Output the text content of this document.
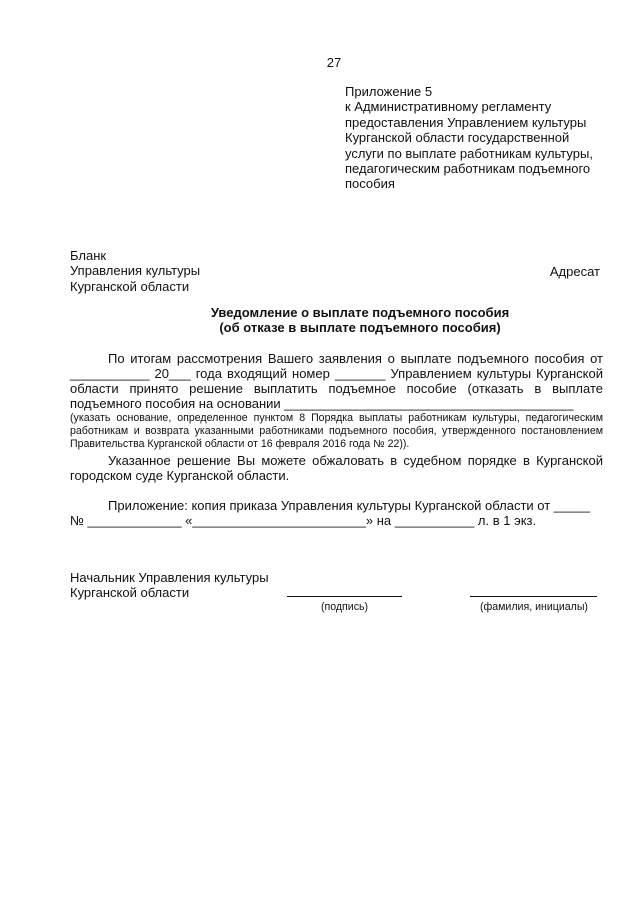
27
Приложение 5
к Административному регламенту
предоставления Управлением культуры
Курганской области государственной
услуги по выплате работникам культуры,
педагогическим работникам подъемного
пособия
Бланк
Управления культуры
Курганской области
Адресат
Уведомление о выплате подъемного пособия
(об отказе в выплате подъемного пособия)
По итогам рассмотрения Вашего заявления о выплате подъемного пособия от
___________ 20___ года входящий номер _______ Управлением культуры Курганской
области принято решение выплатить подъемное пособие (отказать в выплате
подъемного пособия на основании ________________________________________
(указать основание, определенное пунктом 8 Порядка выплаты работникам культуры, педагогическим
работникам и возврата указанными работниками подъемного пособия, утвержденного постановлением
Правительства Курганской области от 16 февраля 2016 года № 22)).
Указанное решение Вы можете обжаловать в судебном порядке в Курганской
городском суде Курганской области.
Приложение: копия приказа Управления культуры Курганской области от _____
№ _____________ «________________________» на ___________ л. в 1 экз.
Начальник Управления культуры
Курганской области
(подпись)	(фамилия, инициалы)
